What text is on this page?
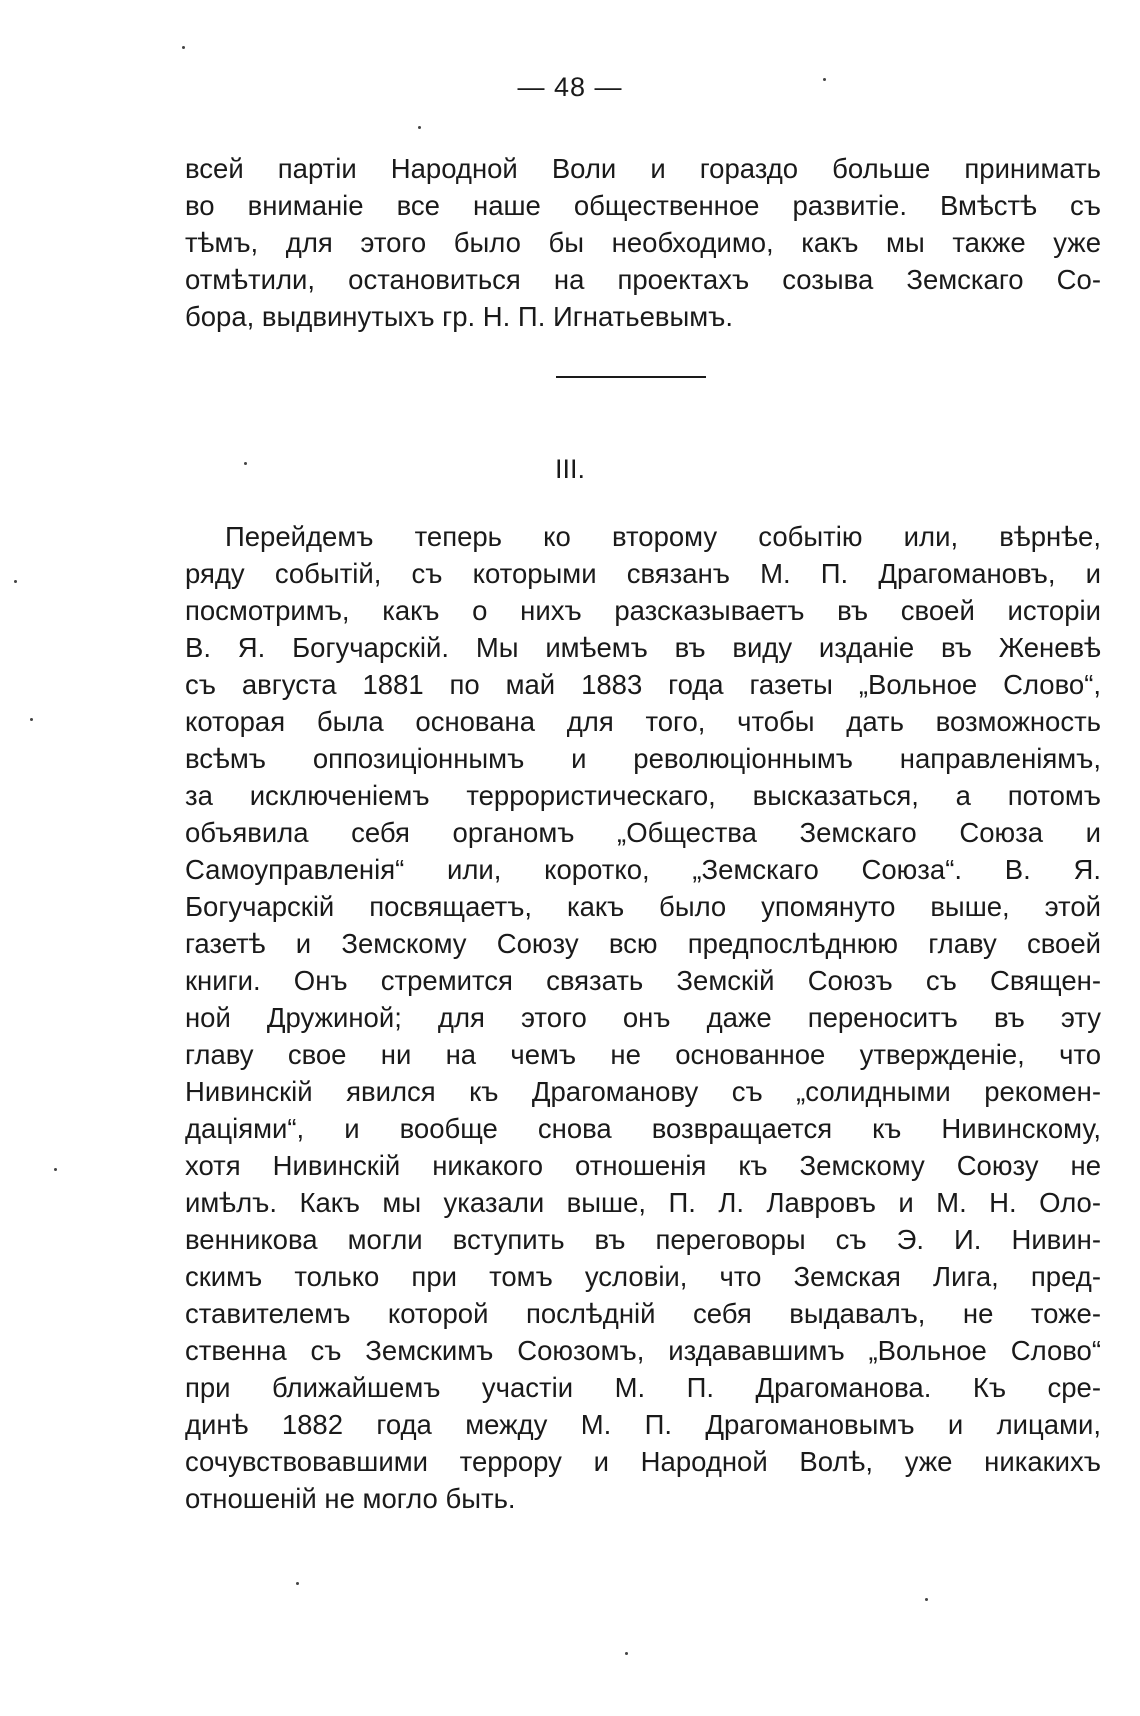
— 48 —
всей партіи Народной Воли и гораздо больше принимать
во вниманіе все наше общественное развитіе. Вмѣстѣ съ
тѣмъ, для этого было бы необходимо, какъ мы также уже
отмѣтили, остановиться на проектахъ созыва Земскаго Со-
бора, выдвинутыхъ гр. Н. П. Игнатьевымъ.
III.
Перейдемъ теперь ко второму событію или, вѣрнѣе,
ряду событій, съ которыми связанъ М. П. Драгомановъ, и
посмотримъ, какъ о нихъ разсказываетъ въ своей исторіи
В. Я. Богучарскій. Мы имѣемъ въ виду изданіе въ Женевѣ
съ августа 1881 по май 1883 года газеты „Вольное Слово“,
которая была основана для того, чтобы дать возможность
всѣмъ оппозиціоннымъ и революціоннымъ направленіямъ,
за исключеніемъ террористическаго, высказаться, а потомъ
объявила себя органомъ „Общества Земскаго Союза и
Самоуправленія“ или, коротко, „Земскаго Союза“. В. Я.
Богучарскій посвящаетъ, какъ было упомянуто выше, этой
газетѣ и Земскому Союзу всю предпослѣднюю главу своей
книги. Онъ стремится связать Земскій Союзъ съ Священ-
ной Дружиной; для этого онъ даже переноситъ въ эту
главу свое ни на чемъ не основанное утвержденіе, что
Нивинскій явился къ Драгоманову съ „солидными рекомен-
даціями“, и вообще снова возвращается къ Нивинскому,
хотя Нивинскій никакого отношенія къ Земскому Союзу не
имѣлъ. Какъ мы указали выше, П. Л. Лавровъ и М. Н. Оло-
венникова могли вступить въ переговоры съ Э. И. Нивин-
скимъ только при томъ условіи, что Земская Лига, пред-
ставителемъ которой послѣдній себя выдавалъ, не тоже-
ственна съ Земскимъ Союзомъ, издававшимъ „Вольное Слово“
при ближайшемъ участіи М. П. Драгоманова. Къ сре-
динѣ 1882 года между М. П. Драгомановымъ и лицами,
сочувствовавшими террору и Народной Волѣ, уже никакихъ
отношеній не могло быть.
